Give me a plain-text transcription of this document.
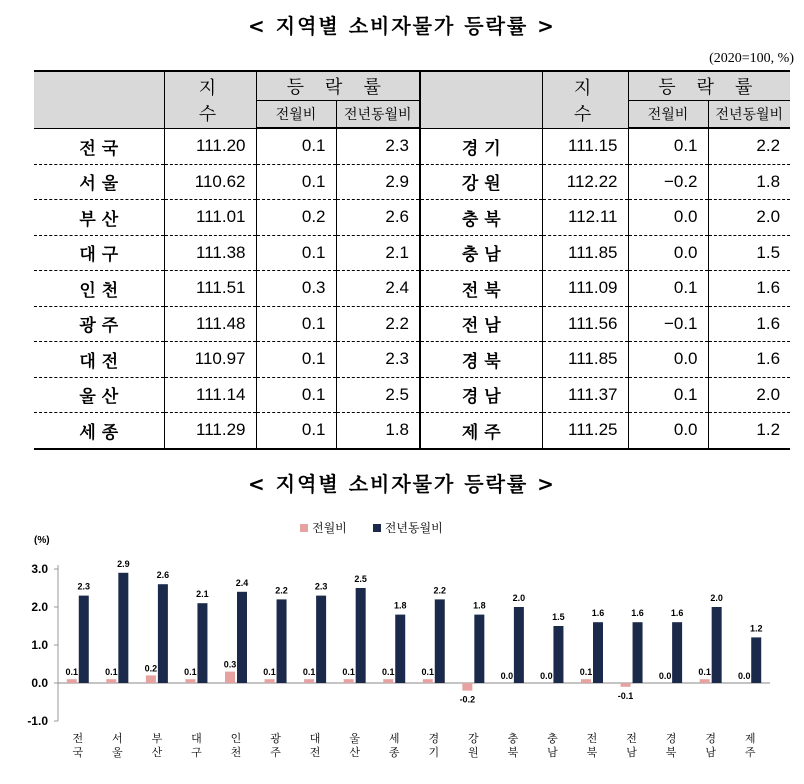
< 지역별 소비자물가 등락률 >
(2020=100, %)
	지 수	등 락 률			지 수	등 락 률	
		전월비	전년동월비			전월비	전년동월비
전 국	111.20	0.1	2.3	경 기	111.15	0.1	2.2
서 울	110.62	0.1	2.9	강 원	112.22	−0.2	1.8
부 산	111.01	0.2	2.6	충 북	112.11	0.0	2.0
대 구	111.38	0.1	2.1	충 남	111.85	0.0	1.5
인 천	111.51	0.3	2.4	전 북	111.09	0.1	1.6
광 주	111.48	0.1	2.2	전 남	111.56	−0.1	1.6
대 전	110.97	0.1	2.3	경 북	111.85	0.0	1.6
울 산	111.14	0.1	2.5	경 남	111.37	0.1	2.0
세 종	111.29	0.1	1.8	제 주	111.25	0.0	1.2
< 지역별 소비자물가 등락률 >
전월비	전년동월비
(%)
3.0
2.0
1.0
0.0
-1.0
0.1
2.3
전
국
0.1
2.9
서
울
0.2
2.6
부
산
0.1
2.1
대
구
0.3
2.4
인
천
0.1
2.2
광
주
0.1
2.3
대
전
0.1
2.5
울
산
0.1
1.8
세
종
0.1
2.2
경
기
-0.2
1.8
강
원
0.0
2.0
충
북
0.0
1.5
충
남
0.1
1.6
전
북
-0.1
1.6
전
남
0.0
1.6
경
북
0.1
2.0
경
남
0.0
1.2
제
주
